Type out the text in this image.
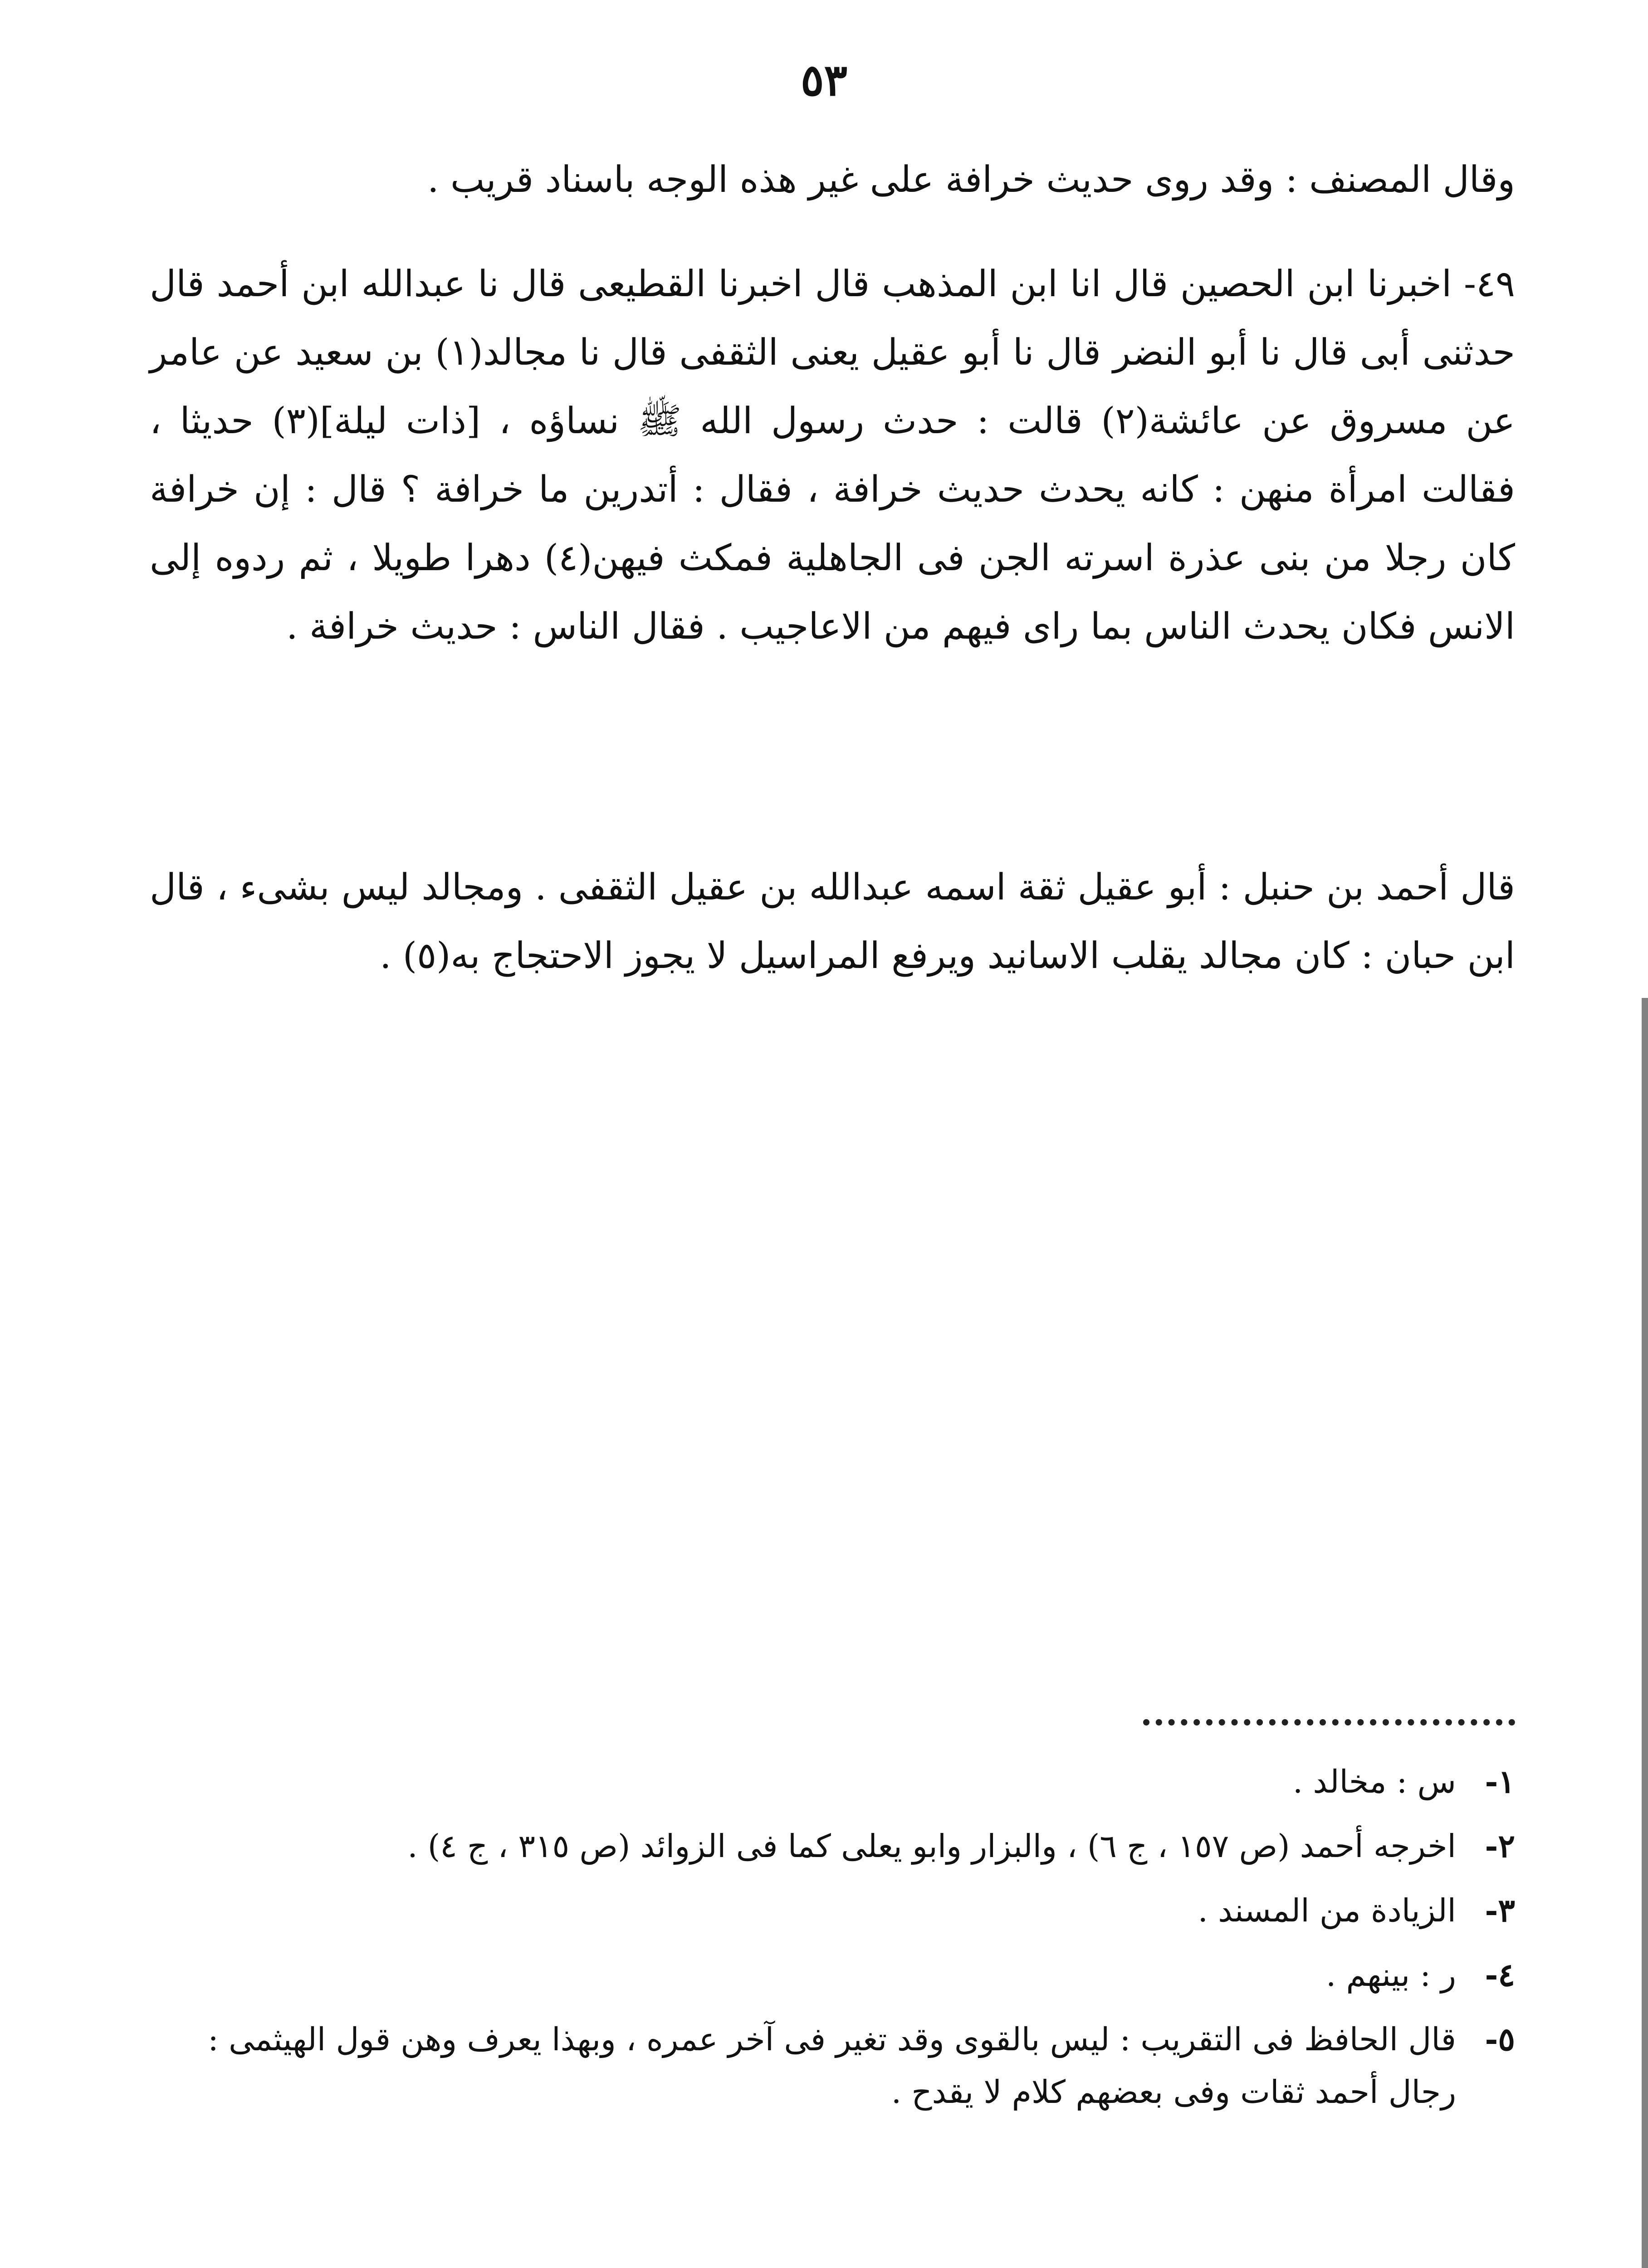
٥٣

وقال المصنف : وقد روى حديث خرافة على غير هذه الوجه باسناد قريب .

٤٩- اخبرنا ابن الحصين قال انا ابن المذهب قال اخبرنا القطيعى قال نا عبدالله ابن أحمد قال حدثنى أبى قال نا أبو النضر قال نا أبو عقيل يعنى الثقفى قال نا مجالد(١) بن سعيد عن عامر عن مسروق عن عائشة(٢) قالت : حدث رسول الله ﷺ نساؤه ، [ذات ليلة](٣) حديثا ، فقالت امرأة منهن : كانه يحدث حديث خرافة ، فقال : أتدرين ما خرافة ؟ قال : إن خرافة كان رجلا من بنى عذرة اسرته الجن فى الجاهلية فمكث فيهن(٤) دهرا طويلا ، ثم ردوه إلى الانس فكان يحدث الناس بما راى فيهم من الاعاجيب . فقال الناس : حديث خرافة .

قال أحمد بن حنبل : أبو عقيل ثقة اسمه عبدالله بن عقيل الثقفى . ومجالد ليس بشىء ، قال ابن حبان : كان مجالد يقلب الاسانيد ويرفع المراسيل لا يجوز الاحتجاج به(٥) .

١-
س : مخالد .
٢-
اخرجه أحمد (ص ١٥٧ ، ج ٦) ، والبزار وابو يعلى كما فى الزوائد (ص ٣١٥ ، ج ٤) .
٣-
الزيادة من المسند .
٤-
ر : بينهم .
٥-
قال الحافظ فى التقريب : ليس بالقوى وقد تغير فى آخر عمره ، وبهذا يعرف وهن قول الهيثمى : رجال أحمد ثقات وفى بعضهم كلام لا يقدح .
